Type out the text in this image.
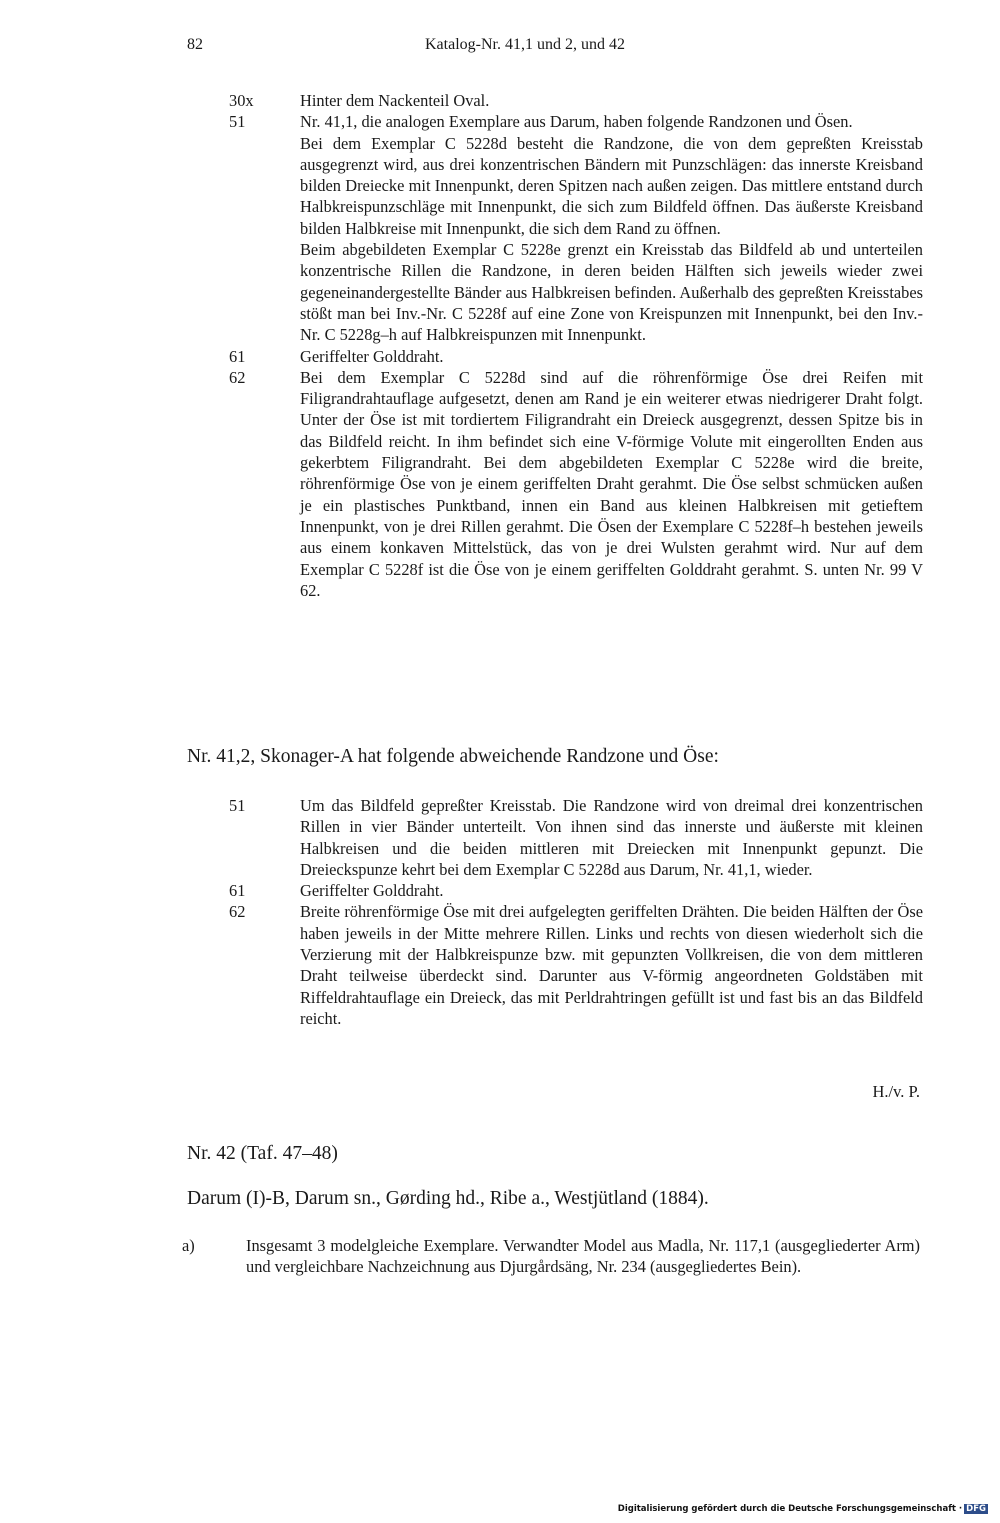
82	Katalog-Nr. 41,1 und 2, und 42
30x	Hinter dem Nackenteil Oval.
51	Nr. 41,1, die analogen Exemplare aus Darum, haben folgende Randzonen und Ösen.
Bei dem Exemplar C 5228d besteht die Randzone, die von dem gepreßten Kreisstab ausgegrenzt wird, aus drei konzentrischen Bändern mit Punzschlägen: das innerste Kreisband bilden Dreiecke mit Innenpunkt, deren Spitzen nach außen zeigen. Das mittlere entstand durch Halbkreispunzschläge mit Innenpunkt, die sich zum Bildfeld öffnen. Das äußerste Kreisband bilden Halbkreise mit Innenpunkt, die sich dem Rand zu öffnen.
Beim abgebildeten Exemplar C 5228e grenzt ein Kreisstab das Bildfeld ab und unterteilen konzentrische Rillen die Randzone, in deren beiden Hälften sich jeweils wieder zwei gegeneinandergestellte Bänder aus Halbkreisen befinden. Außerhalb des gepreßten Kreisstabes stößt man bei Inv.-Nr. C 5228f auf eine Zone von Kreispunzen mit Innenpunkt, bei den Inv.-Nr. C 5228g–h auf Halbkreispunzen mit Innenpunkt.
61	Geriffelter Golddraht.
62	Bei dem Exemplar C 5228d sind auf die röhrenförmige Öse drei Reifen mit Filigrandrahtauflage aufgesetzt, denen am Rand je ein weiterer etwas niedrigerer Draht folgt. Unter der Öse ist mit tordiertem Filigrandraht ein Dreieck ausgegrenzt, dessen Spitze bis in das Bildfeld reicht. In ihm befindet sich eine V-förmige Volute mit eingerollten Enden aus gekerbtem Filigrandraht. Bei dem abgebildeten Exemplar C 5228e wird die breite, röhrenförmige Öse von je einem geriffelten Draht gerahmt. Die Öse selbst schmücken außen je ein plastisches Punktband, innen ein Band aus kleinen Halbkreisen mit getieftem Innenpunkt, von je drei Rillen gerahmt. Die Ösen der Exemplare C 5228f–h bestehen jeweils aus einem konkaven Mittelstück, das von je drei Wulsten gerahmt wird. Nur auf dem Exemplar C 5228f ist die Öse von je einem geriffelten Golddraht gerahmt. S. unten Nr. 99 V 62.
Nr. 41,2, Skonager-A hat folgende abweichende Randzone und Öse:
51	Um das Bildfeld gepreßter Kreisstab. Die Randzone wird von dreimal drei konzentrischen Rillen in vier Bänder unterteilt. Von ihnen sind das innerste und äußerste mit kleinen Halbkreisen und die beiden mittleren mit Dreiecken mit Innenpunkt gepunzt. Die Dreieckspunze kehrt bei dem Exemplar C 5228d aus Darum, Nr. 41,1, wieder.
61	Geriffelter Golddraht.
62	Breite röhrenförmige Öse mit drei aufgelegten geriffelten Drähten. Die beiden Hälften der Öse haben jeweils in der Mitte mehrere Rillen. Links und rechts von diesen wiederholt sich die Verzierung mit der Halbkreispunze bzw. mit gepunzten Vollkreisen, die von dem mittleren Draht teilweise überdeckt sind. Darunter aus V-förmig angeordneten Goldstäben mit Riffeldrahtauflage ein Dreieck, das mit Perldrahtringen gefüllt ist und fast bis an das Bildfeld reicht.
H./v. P.
Nr. 42 (Taf. 47–48)
Darum (I)-B, Darum sn., Gørding hd., Ribe a., Westjütland (1884).
a)	Insgesamt 3 modelgleiche Exemplare. Verwandter Model aus Madla, Nr. 117,1 (ausgegliederter Arm) und vergleichbare Nachzeichnung aus Djurgårdsäng, Nr. 234 (ausgegliedertes Bein).
Digitalisierung gefördert durch die Deutsche Forschungsgemeinschaft · DFG
